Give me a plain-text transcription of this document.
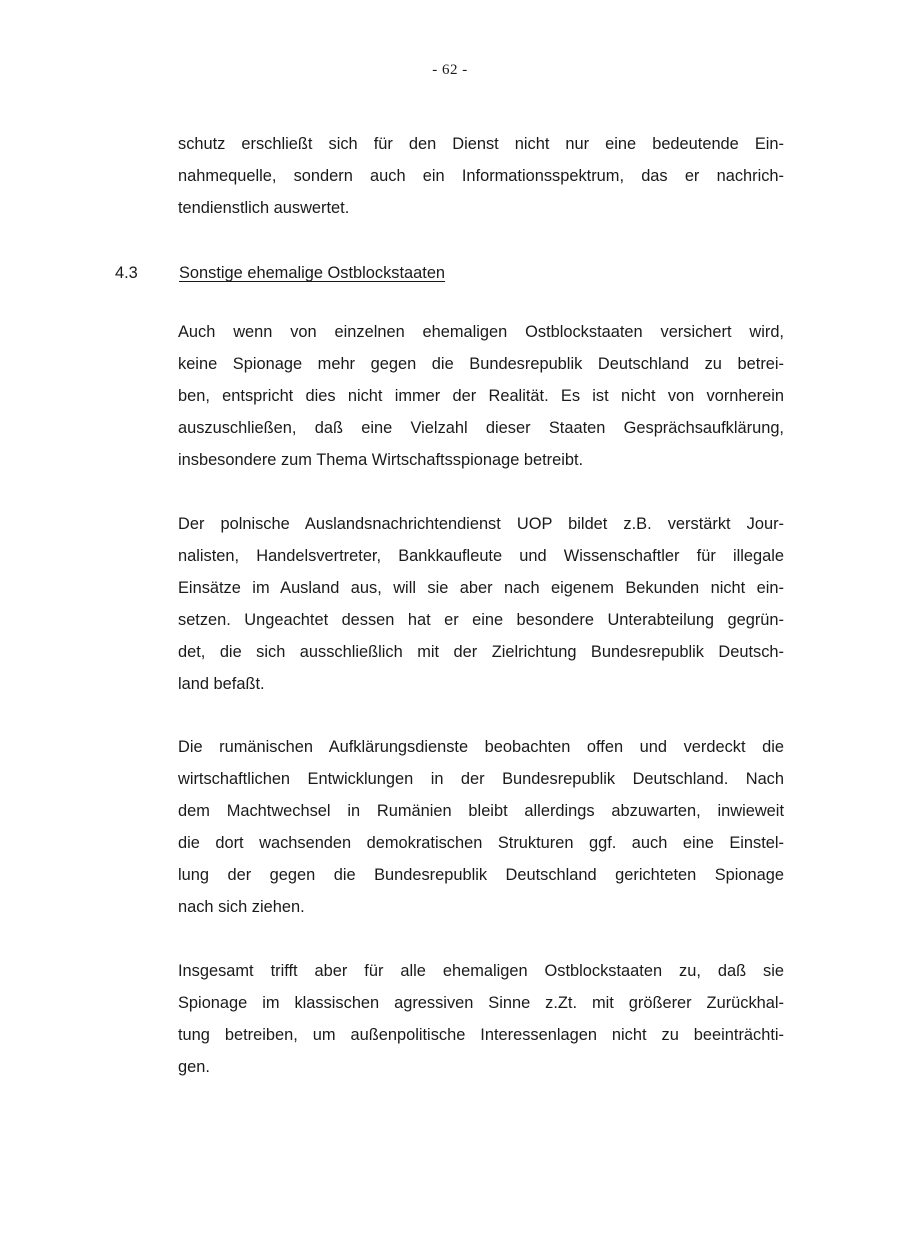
- 62 -
schutz erschließt sich für den Dienst nicht nur eine bedeutende Ein-
nahmequelle, sondern auch ein Informationsspektrum, das er nachrich-
tendienstlich auswertet.
4.3	Sonstige ehemalige Ostblockstaaten
Auch wenn von einzelnen ehemaligen Ostblockstaaten versichert wird,
keine Spionage mehr gegen die Bundesrepublik Deutschland zu betrei-
ben, entspricht dies nicht immer der Realität. Es ist nicht von vornherein
auszuschließen, daß eine Vielzahl dieser Staaten Gesprächsaufklärung,
insbesondere zum Thema Wirtschaftsspionage betreibt.
Der polnische Auslandsnachrichtendienst UOP bildet z.B. verstärkt Jour-
nalisten, Handelsvertreter, Bankkaufleute und Wissenschaftler für illegale
Einsätze im Ausland aus, will sie aber nach eigenem Bekunden nicht ein-
setzen. Ungeachtet dessen hat er eine besondere Unterabteilung gegrün-
det, die sich ausschließlich mit der Zielrichtung Bundesrepublik Deutsch-
land befaßt.
Die rumänischen Aufklärungsdienste beobachten offen und verdeckt die
wirtschaftlichen Entwicklungen in der Bundesrepublik Deutschland. Nach
dem Machtwechsel in Rumänien bleibt allerdings abzuwarten, inwieweit
die dort wachsenden demokratischen Strukturen ggf. auch eine Einstel-
lung der gegen die Bundesrepublik Deutschland gerichteten Spionage
nach sich ziehen.
Insgesamt trifft aber für alle ehemaligen Ostblockstaaten zu, daß sie
Spionage im klassischen agressiven Sinne z.Zt. mit größerer Zurückhal-
tung betreiben, um außenpolitische Interessenlagen nicht zu beeinträchti-
gen.
